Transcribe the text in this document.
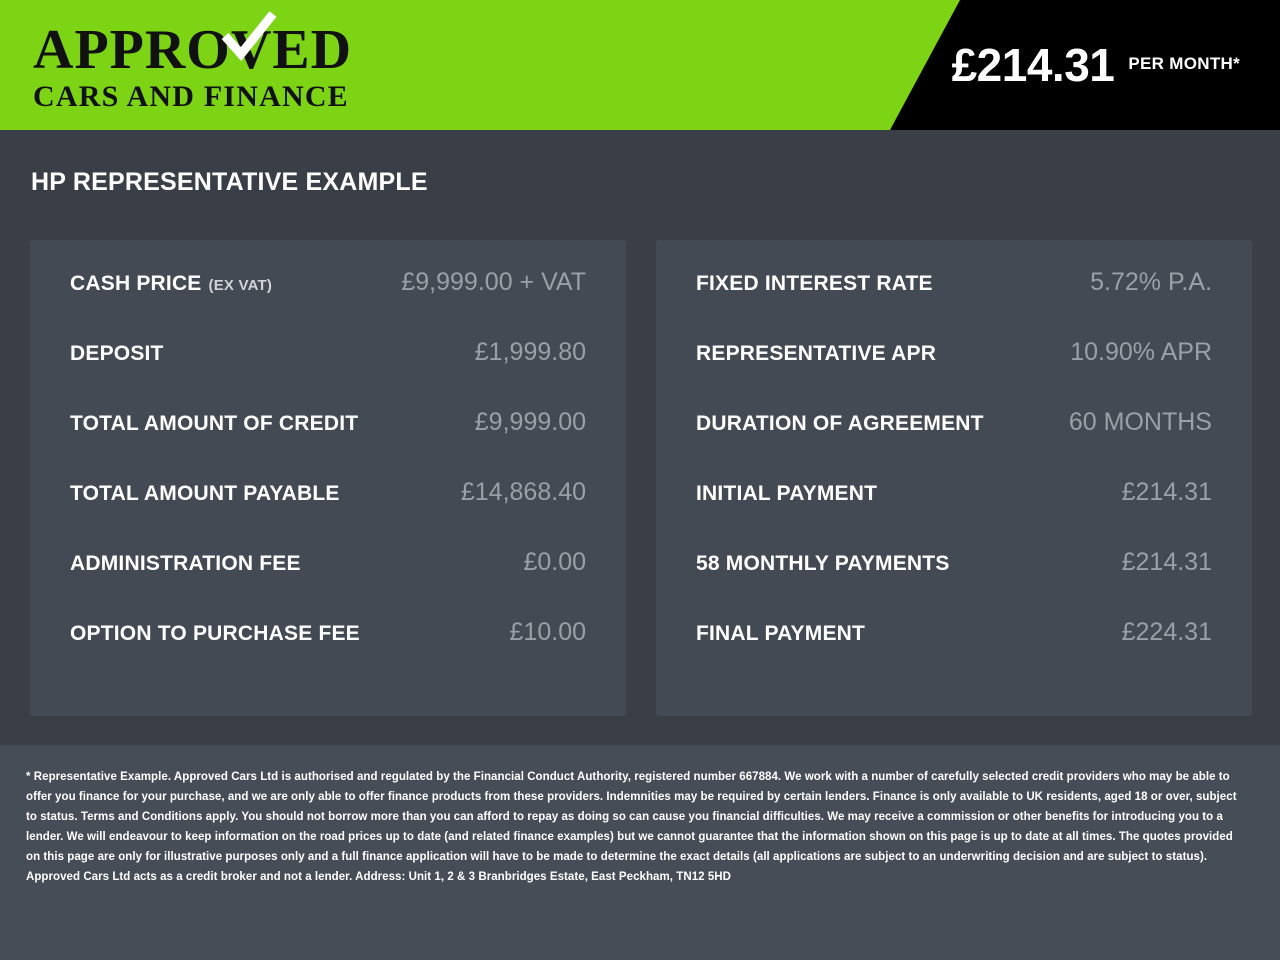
APPROVED
CARS AND FINANCE
£214.31 PER MONTH*
HP REPRESENTATIVE EXAMPLE
CASH PRICE (EX VAT)	£9,999.00 + VAT
DEPOSIT	£1,999.80
TOTAL AMOUNT OF CREDIT	£9,999.00
TOTAL AMOUNT PAYABLE	£14,868.40
ADMINISTRATION FEE	£0.00
OPTION TO PURCHASE FEE	£10.00
FIXED INTEREST RATE	5.72% P.A.
REPRESENTATIVE APR	10.90% APR
DURATION OF AGREEMENT	60 MONTHS
INITIAL PAYMENT	£214.31
58 MONTHLY PAYMENTS	£214.31
FINAL PAYMENT	£224.31

* Representative Example. Approved Cars Ltd is authorised and regulated by the Financial Conduct Authority, registered number 667884. We work with a number of carefully selected credit providers who may be able to offer you finance for your purchase, and we are only able to offer finance products from these providers. Indemnities may be required by certain lenders. Finance is only available to UK residents, aged 18 or over, subject to status. Terms and Conditions apply. You should not borrow more than you can afford to repay as doing so can cause you financial difficulties. We may receive a commission or other benefits for introducing you to a lender. We will endeavour to keep information on the road prices up to date (and related finance examples) but we cannot guarantee that the information shown on this page is up to date at all times. The quotes provided on this page are only for illustrative purposes only and a full finance application will have to be made to determine the exact details (all applications are subject to an underwriting decision and are subject to status). Approved Cars Ltd acts as a credit broker and not a lender. Address: Unit 1, 2 & 3 Branbridges Estate, East Peckham, TN12 5HD
